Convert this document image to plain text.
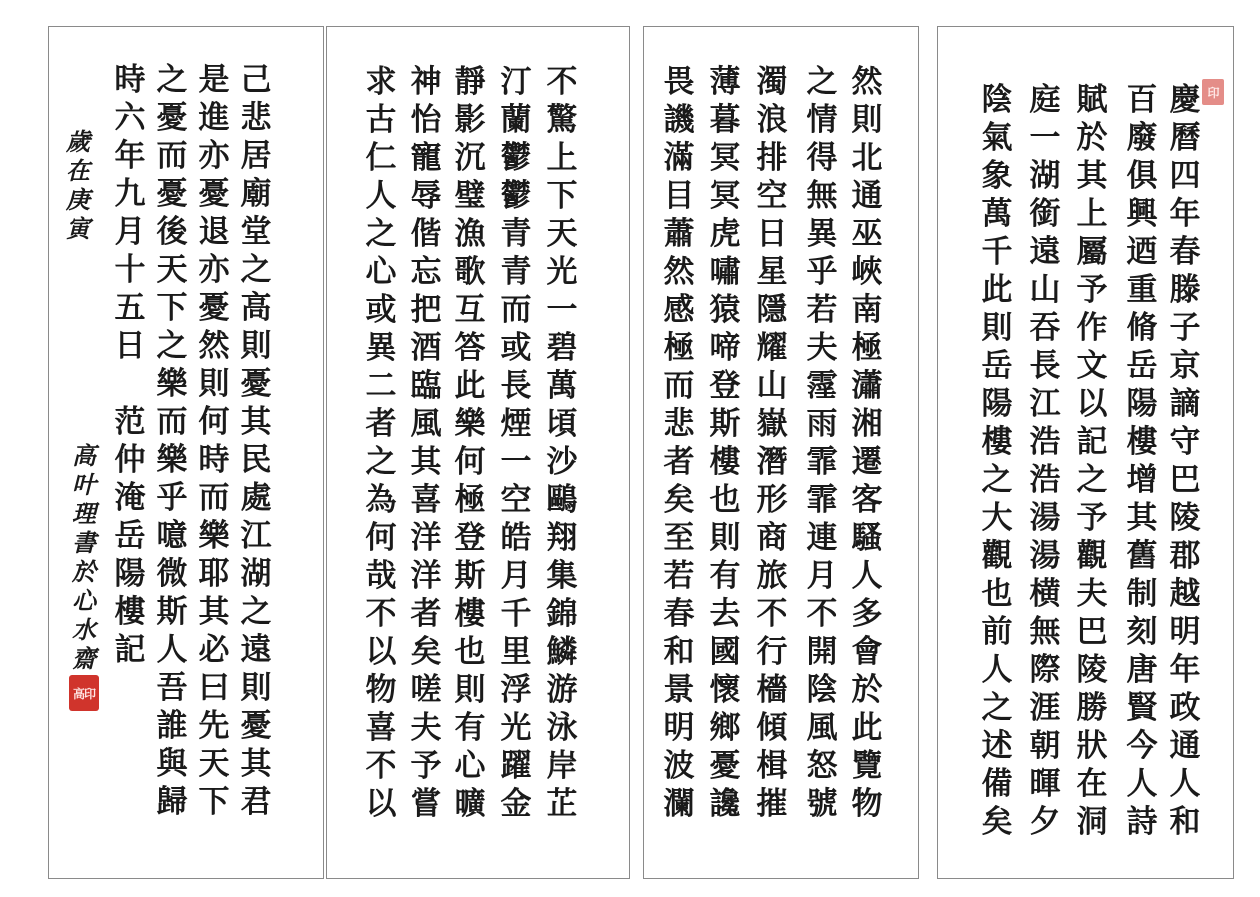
慶
曆
四
年
春
滕
子
京
謫
守
巴
陵
郡
越
明
年
政
通
人
和
百
廢
俱
興
迺
重
脩
岳
陽
樓
增
其
舊
制
刻
唐
賢
今
人
詩
賦
於
其
上
屬
予
作
文
以
記
之
予
觀
夫
巴
陵
勝
狀
在
洞
庭
一
湖
銜
遠
山
吞
長
江
浩
浩
湯
湯
横
無
際
涯
朝
暉
夕
陰
氣
象
萬
千
此
則
岳
陽
樓
之
大
觀
也
前
人
之
述
備
矣
印
然
則
北
通
巫
峽
南
極
瀟
湘
遷
客
騷
人
多
會
於
此
覽
物
之
情
得
無
異
乎
若
夫
霪
雨
霏
霏
連
月
不
開
陰
風
怒
號
濁
浪
排
空
日
星
隱
耀
山
嶽
潛
形
商
旅
不
行
檣
傾
楫
摧
薄
暮
冥
冥
虎
嘯
猿
啼
登
斯
樓
也
則
有
去
國
懷
鄉
憂
讒
畏
譏
滿
目
蕭
然
感
極
而
悲
者
矣
至
若
春
和
景
明
波
瀾
不
驚
上
下
天
光
一
碧
萬
頃
沙
鷗
翔
集
錦
鱗
游
泳
岸
芷
汀
蘭
鬱
鬱
青
青
而
或
長
煙
一
空
皓
月
千
里
浮
光
躍
金
靜
影
沉
璧
漁
歌
互
答
此
樂
何
極
登
斯
樓
也
則
有
心
曠
神
怡
寵
辱
偕
忘
把
酒
臨
風
其
喜
洋
洋
者
矣
嗟
夫
予
嘗
求
古
仁
人
之
心
或
異
二
者
之
為
何
哉
不
以
物
喜
不
以
己
悲
居
廟
堂
之
高
則
憂
其
民
處
江
湖
之
遠
則
憂
其
君
是
進
亦
憂
退
亦
憂
然
則
何
時
而
樂
耶
其
必
曰
先
天
下
之
憂
而
憂
後
天
下
之
樂
而
樂
乎
噫
微
斯
人
吾
誰
與
歸
時
六
年
九
月
十
五
日

范
仲
淹
岳
陽
樓
記
歲
在
庚
寅
高
叶
理
書
於
心
水
齋
高印
